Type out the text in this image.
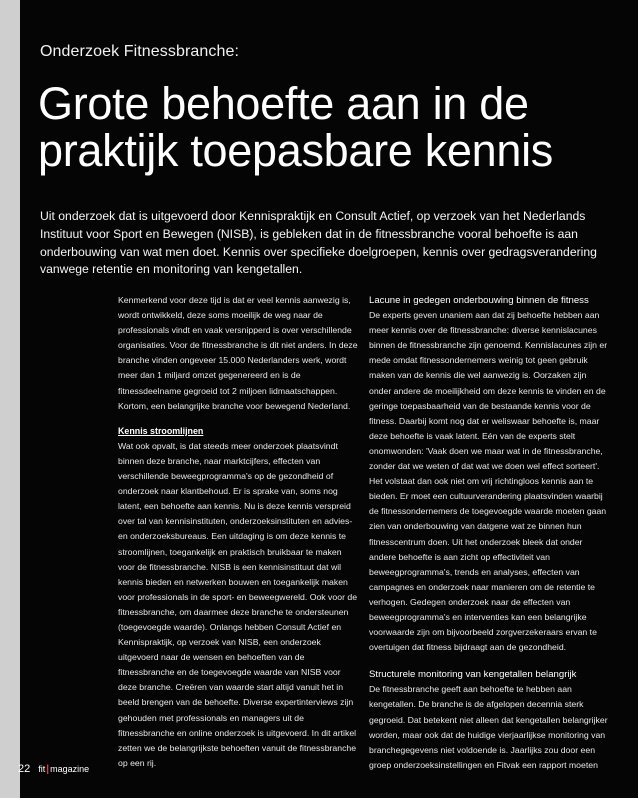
Onderzoek Fitnessbranche:
Grote behoefte aan in de praktijk toepasbare kennis
Uit onderzoek dat is uitgevoerd door Kennispraktijk en Consult Actief, op verzoek van het Nederlands Instituut voor Sport en Bewegen (NISB), is gebleken dat in de fitnessbranche vooral behoefte is aan onderbouwing van wat men doet. Kennis over specifieke doelgroepen, kennis over gedragsverandering vanwege retentie en monitoring van kengetallen.

Kenmerkend voor deze tijd is dat er veel kennis aanwezig is, wordt ontwikkeld, deze soms moeilijk de weg naar de professionals vindt en vaak versnipperd is over verschillende organisaties. Voor de fitnessbranche is dit niet anders. In deze branche vinden ongeveer 15.000 Nederlanders werk, wordt meer dan 1 miljard omzet gegenereerd en is de fitnessdeelname gegroeid tot 2 miljoen lidmaatschappen. Kortom, een belangrijke branche voor bewegend Nederland.

Kennis stroomlijnen

Wat ook opvalt, is dat steeds meer onderzoek plaatsvindt binnen deze branche, naar marktcijfers, effecten van verschillende beweegprogramma's op de gezondheid of onderzoek naar klantbehoud. Er is sprake van, soms nog latent, een behoefte aan kennis. Nu is deze kennis verspreid over tal van kennisinstituten, onderzoeksinstituten en advies- en onderzoeksbureaus. Een uitdaging is om deze kennis te stroomlijnen, toegankelijk en praktisch bruikbaar te maken voor de fitnessbranche. NISB is een kennisinstituut dat wil kennis bieden en netwerken bouwen en toegankelijk maken voor professionals in de sport- en beweegwereld. Ook voor de fitnessbranche, om daarmee deze branche te ondersteunen (toegevoegde waarde). Onlangs hebben Consult Actief en Kennispraktijk, op verzoek van NISB, een onderzoek uitgevoerd naar de wensen en behoeften van de fitnessbranche en de toegevoegde waarde van NISB voor deze branche. Creëren van waarde start altijd vanuit het in beeld brengen van de behoefte. Diverse expertinterviews zijn gehouden met professionals en managers uit de fitnessbranche en online onderzoek is uitgevoerd. In dit artikel zetten we de belangrijkste behoeften vanuit de fitnessbranche op een rij.

Lacune in gedegen onderbouwing binnen de fitness

De experts geven unaniem aan dat zij behoefte hebben aan meer kennis over de fitnessbranche: diverse kennislacunes binnen de fitnessbranche zijn genoemd. Kennislacunes zijn er mede omdat fitnessondernemers weinig tot geen gebruik maken van de kennis die wel aanwezig is. Oorzaken zijn onder andere de moeilijkheid om deze kennis te vinden en de geringe toepasbaarheid van de bestaande kennis voor de fitness. Daarbij komt nog dat er weliswaar behoefte is, maar deze behoefte is vaak latent. Eén van de experts stelt onomwonden: 'Vaak doen we maar wat in de fitnessbranche, zonder dat we weten of dat wat we doen wel effect sorteert'. Het volstaat dan ook niet om vrij richtingloos kennis aan te bieden. Er moet een cultuurverandering plaatsvinden waarbij de fitnessondernemers de toegevoegde waarde moeten gaan zien van onderbouwing van datgene wat ze binnen hun fitnesscentrum doen. Uit het onderzoek bleek dat onder andere behoefte is aan zicht op effectiviteit van beweegprogramma's, trends en analyses, effecten van campagnes en onderzoek naar manieren om de retentie te verhogen. Gedegen onderzoek naar de effecten van beweegprogramma's en interventies kan een belangrijke voorwaarde zijn om bijvoorbeeld zorgverzekeraars ervan te overtuigen dat fitness bijdraagt aan de gezondheid.

Structurele monitoring van kengetallen belangrijk

De fitnessbranche geeft aan behoefte te hebben aan kengetallen. De branche is de afgelopen decennia sterk gegroeid. Dat betekent niet alleen dat kengetallen belangrijker worden, maar ook dat de huidige vierjaarlijkse monitoring van branchegegevens niet voldoende is. Jaarlijks zou door een groep onderzoeksinstellingen en Fitvak een rapport moeten

22 fit|magazine
